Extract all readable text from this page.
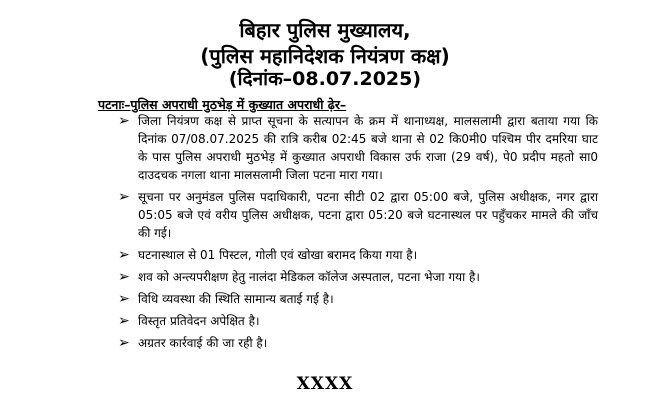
बिहार पुलिस मुख्यालय,
(पुलिस महानिदेशक नियंत्रण कक्ष)
(दिनांक–08.07.2025)
पटनाः–पुलिस अपराधी मुठभेड़ में कुख्यात अपराधी ढ़ेर–
➢ जिला नियंत्रण कक्ष से प्राप्त सूचना के सत्यापन के क्रम में थानाध्यक्ष, मालसलामी द्वारा बताया गया कि दिनांक 07/08.07.2025 की रात्रि करीब 02:45 बजे थाना से 02 कि0मी0 पश्चिम पीर दमरिया घाट के पास पुलिस अपराधी मुठभेड़ में कुख्यात अपराधी विकास उर्फ राजा (29 वर्ष), पे0 प्रदीप महतो सा0 दाउदचक नगला थाना मालसलामी जिला पटना मारा गया।
➢ सूचना पर अनुमंडल पुलिस पदाधिकारी, पटना सीटी 02 द्वारा 05:00 बजे, पुलिस अधीक्षक, नगर द्वारा 05:05 बजे एवं वरीय पुलिस अधीक्षक, पटना द्वारा 05:20 बजे घटनास्थल पर पहुँचकर मामले की जाँच की गई।
➢ घटनास्थाल से 01 पिस्टल, गोली एवं खोखा बरामद किया गया है।
➢ शव को अन्त्यपरीक्षण हेतु नालंदा मेडिकल कॉलेज अस्पताल, पटना भेजा गया है।
➢ विधि व्यवस्था की स्थिति सामान्य बताई गई है।
➢ विस्तृत प्रतिवेदन अपेक्षित है।
➢ अग्रतर कार्रवाई की जा रही है।
XXXX
